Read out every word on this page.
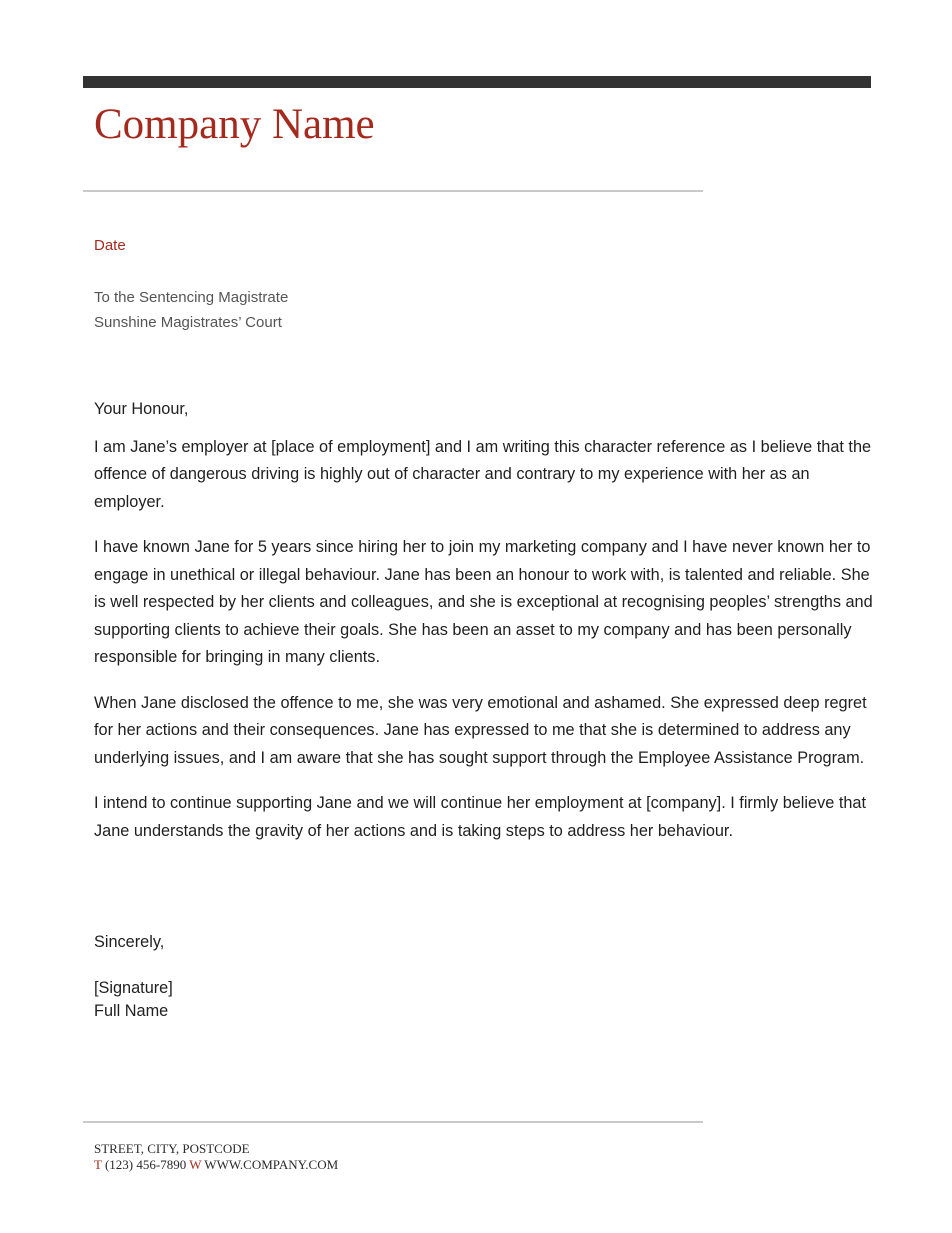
Company Name
Date
To the Sentencing Magistrate
Sunshine Magistrates’ Court

Your Honour,

I am Jane’s employer at [place of employment] and I am writing this character reference as I believe that the offence of dangerous driving is highly out of character and contrary to my experience with her as an employer.

I have known Jane for 5 years since hiring her to join my marketing company and I have never known her to engage in unethical or illegal behaviour. Jane has been an honour to work with, is talented and reliable. She is well respected by her clients and colleagues, and she is exceptional at recognising peoples’ strengths and supporting clients to achieve their goals. She has been an asset to my company and has been personally responsible for bringing in many clients.

When Jane disclosed the offence to me, she was very emotional and ashamed. She expressed deep regret for her actions and their consequences. Jane has expressed to me that she is determined to address any underlying issues, and I am aware that she has sought support through the Employee Assistance Program.

I intend to continue supporting Jane and we will continue her employment at [company]. I firmly believe that Jane understands the gravity of her actions and is taking steps to address her behaviour.

Sincerely,
[Signature]
Full Name
STREET, CITY, POSTCODE
T (123) 456-7890 W WWW.COMPANY.COM
